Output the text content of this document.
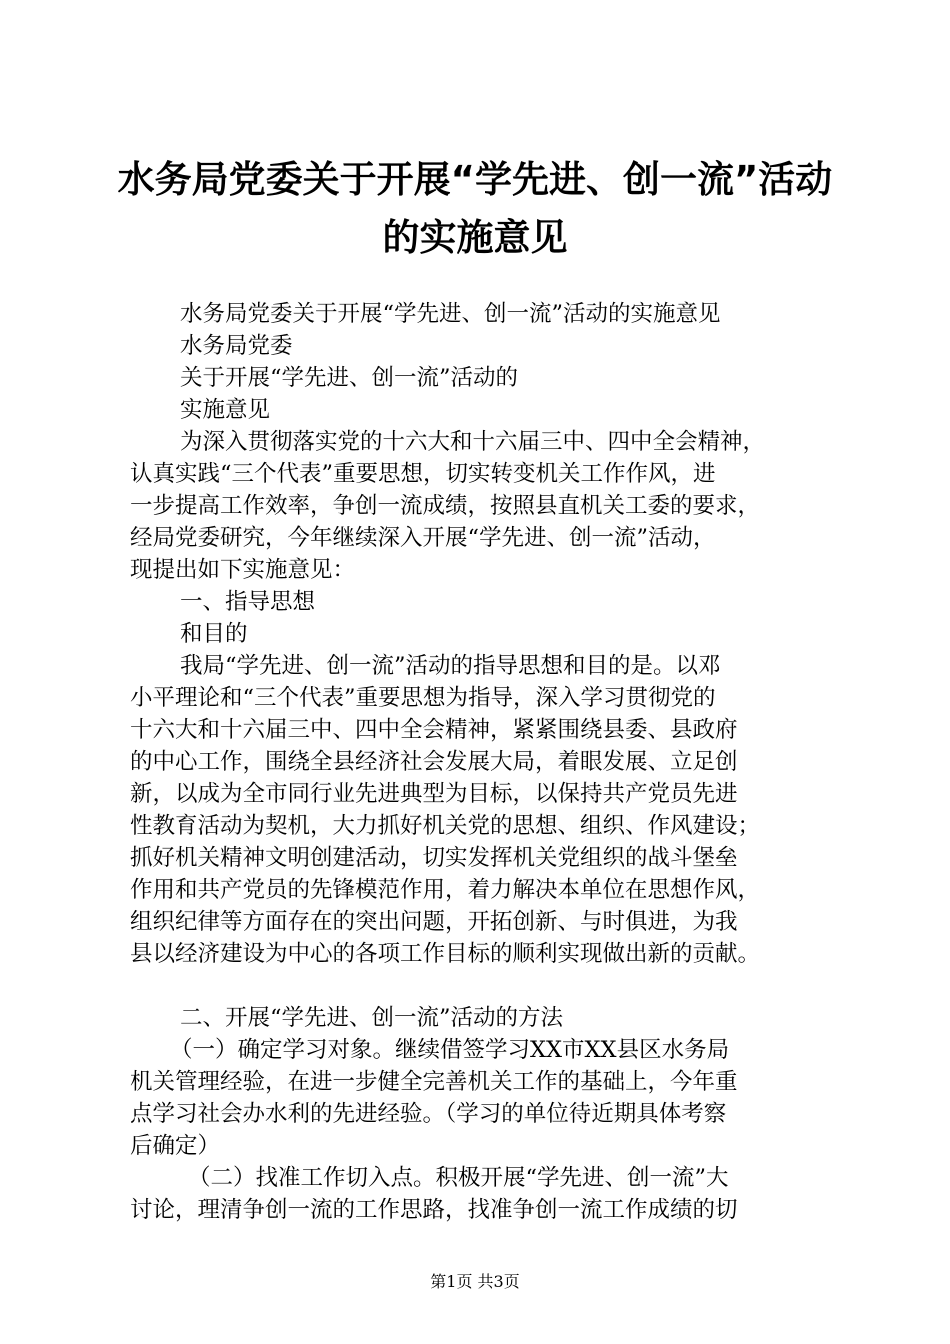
水务局党委关于开展“学先进、创一流”活动
的实施意见
水务局党委关于开展“学先进、创一流”活动的实施意见
水务局党委
关于开展“学先进、创一流”活动的
实施意见
为深入贯彻落实党的十六大和十六届三中、四中全会精神，
认真实践“三个代表”重要思想，切实转变机关工作作风，进
一步提高工作效率，争创一流成绩，按照县直机关工委的要求，
经局党委研究，今年继续深入开展“学先进、创一流”活动，
现提出如下实施意见：
一、指导思想
和目的
我局“学先进、创一流”活动的指导思想和目的是。以邓
小平理论和“三个代表”重要思想为指导，深入学习贯彻党的
十六大和十六届三中、四中全会精神，紧紧围绕县委、县政府
的中心工作，围绕全县经济社会发展大局，着眼发展、立足创
新，以成为全市同行业先进典型为目标，以保持共产党员先进
性教育活动为契机，大力抓好机关党的思想、组织、作风建设；
抓好机关精神文明创建活动，切实发挥机关党组织的战斗堡垒
作用和共产党员的先锋模范作用，着力解决本单位在思想作风，
组织纪律等方面存在的突出问题，开拓创新、与时俱进，为我
县以经济建设为中心的各项工作目标的顺利实现做出新的贡献。
二、开展“学先进、创一流”活动的方法
（一）确定学习对象。继续借签学习XX市XX县区水务局
机关管理经验，在进一步健全完善机关工作的基础上，今年重
点学习社会办水利的先进经验。（学习的单位待近期具体考察
后确定）
（二）找准工作切入点。积极开展“学先进、创一流”大
讨论，理清争创一流的工作思路，找准争创一流工作成绩的切
第1页 共3页
